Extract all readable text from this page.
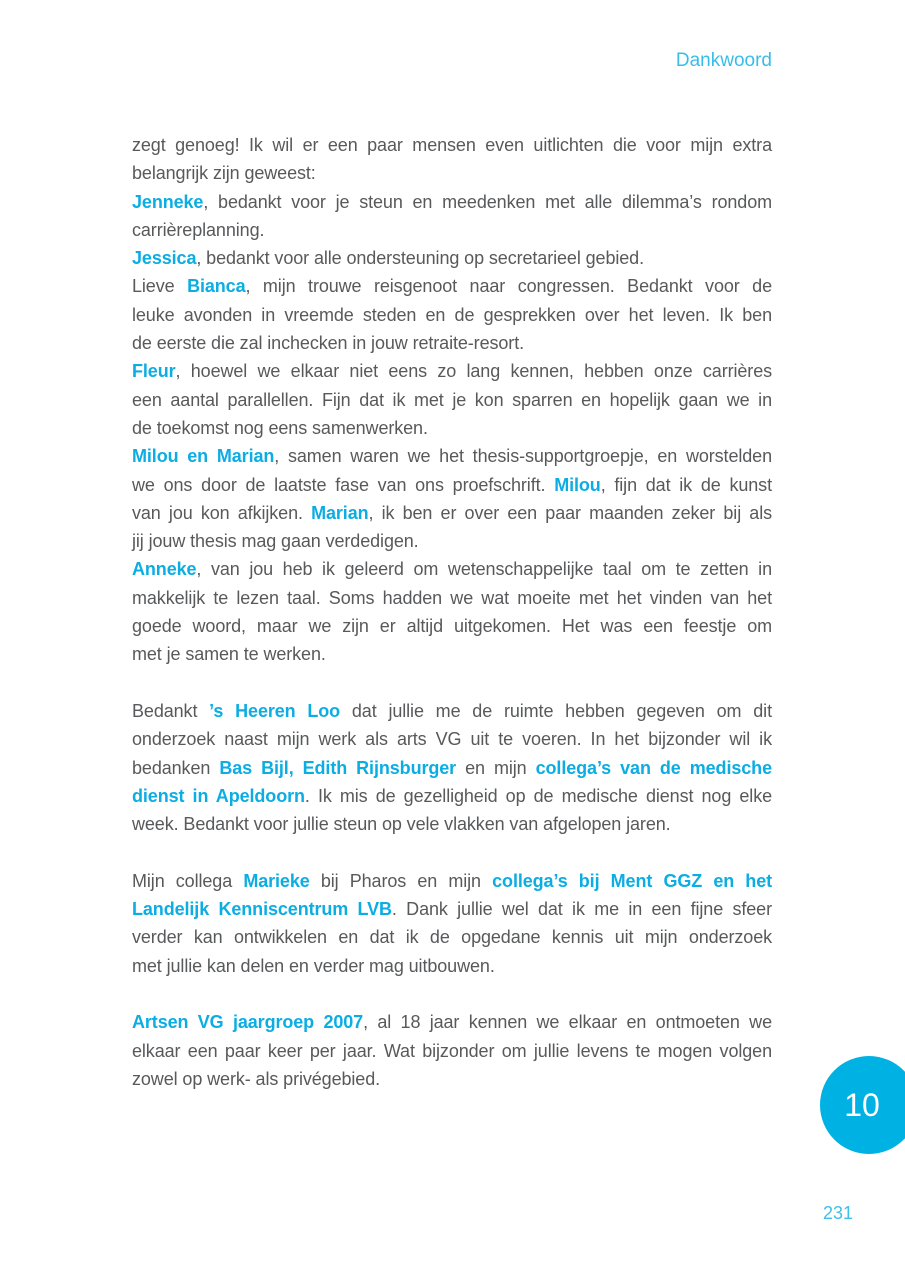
Dankwoord
zegt genoeg! Ik wil er een paar mensen even uitlichten die voor mijn extra
belangrijk zijn geweest:
Jenneke, bedankt voor je steun en meedenken met alle dilemma’s rondom
carrièreplanning.
Jessica, bedankt voor alle ondersteuning op secretarieel gebied.
Lieve Bianca, mijn trouwe reisgenoot naar congressen. Bedankt voor de
leuke avonden in vreemde steden en de gesprekken over het leven. Ik ben
de eerste die zal inchecken in jouw retraite-resort.
Fleur, hoewel we elkaar niet eens zo lang kennen, hebben onze carrières
een aantal parallellen. Fijn dat ik met je kon sparren en hopelijk gaan we in
de toekomst nog eens samenwerken.
Milou en Marian, samen waren we het thesis-supportgroepje, en worstelden
we ons door de laatste fase van ons proefschrift. Milou, fijn dat ik de kunst
van jou kon afkijken. Marian, ik ben er over een paar maanden zeker bij als
jij jouw thesis mag gaan verdedigen.
Anneke, van jou heb ik geleerd om wetenschappelijke taal om te zetten in
makkelijk te lezen taal. Soms hadden we wat moeite met het vinden van het
goede woord, maar we zijn er altijd uitgekomen. Het was een feestje om
met je samen te werken.
Bedankt ’s Heeren Loo dat jullie me de ruimte hebben gegeven om dit
onderzoek naast mijn werk als arts VG uit te voeren. In het bijzonder wil ik
bedanken Bas Bijl, Edith Rijnsburger en mijn collega’s van de medische
dienst in Apeldoorn. Ik mis de gezelligheid op de medische dienst nog elke
week. Bedankt voor jullie steun op vele vlakken van afgelopen jaren.
Mijn collega Marieke bij Pharos en mijn collega’s bij Ment GGZ en het
Landelijk Kenniscentrum LVB. Dank jullie wel dat ik me in een fijne sfeer
verder kan ontwikkelen en dat ik de opgedane kennis uit mijn onderzoek
met jullie kan delen en verder mag uitbouwen.
Artsen VG jaargroep 2007, al 18 jaar kennen we elkaar en ontmoeten we
elkaar een paar keer per jaar. Wat bijzonder om jullie levens te mogen volgen
zowel op werk- als privégebied.
10
231
